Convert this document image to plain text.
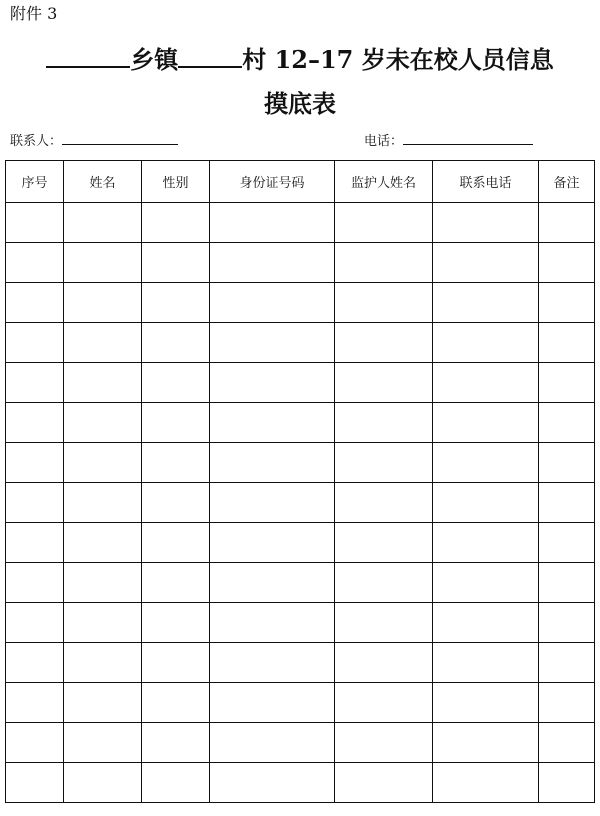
附件 3
乡镇	村 12–17 岁未在校人员信息
摸底表
联系人：	电话：
序号	姓名	性别	身份证号码	监护人姓名	联系电话	备注
